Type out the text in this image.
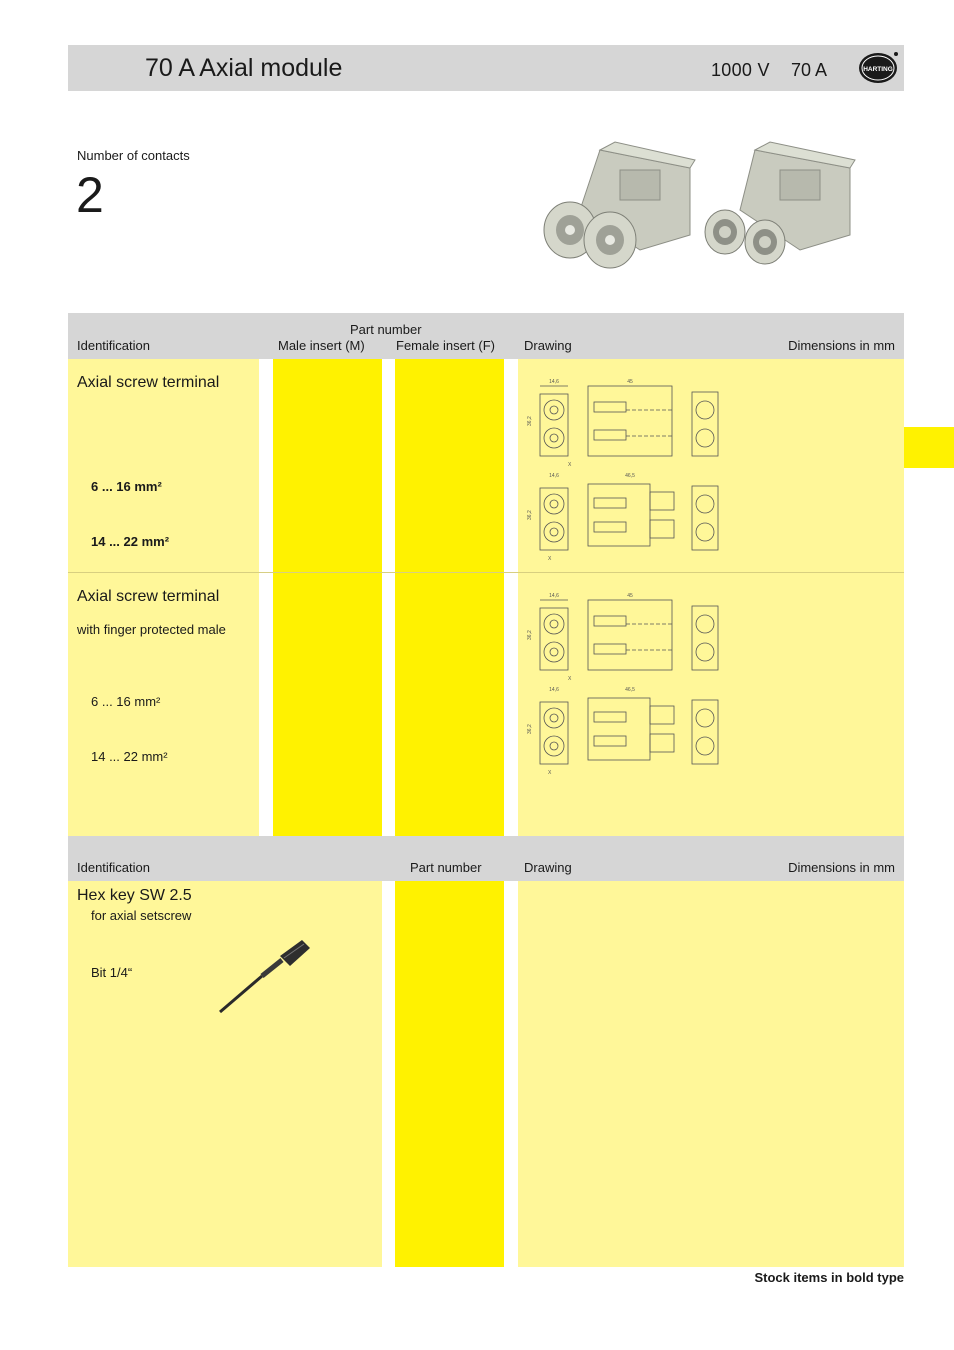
70 A Axial module	1000 V 70 A	HARTING
Number of contacts
2
Part number
Identification	Male insert (M) Female insert (F) Drawing	Dimensions in mm
Axial screw terminal
6 ... 16 mm²
14 ... 22 mm²
Axial screw terminal
with finger protected male
6 ... 16 mm²
14 ... 22 mm²
14,6	45
36,2
X
14,6	46,5
36,2
X
14,6	45
36,2
X
14,6	46,5
36,2
X
Identification	Part number	Drawing	Dimensions in mm
Hex key SW 2.5
for axial setscrew
Bit 1/4“
Stock items in bold type
